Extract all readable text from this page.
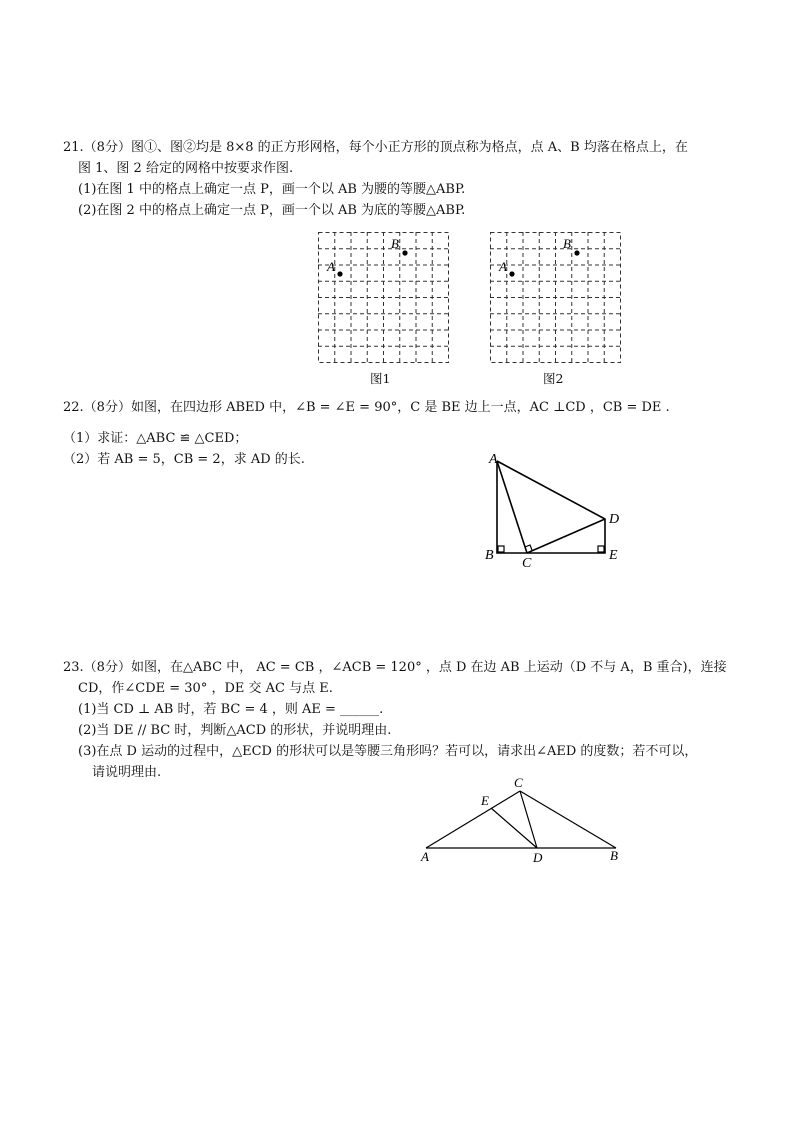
21.（8分）图①、图②均是 8×8 的正方形网格，每个小正方形的顶点称为格点，点 A、B 均落在格点上，在
图 1、图 2 给定的网格中按要求作图.
(1)在图 1 中的格点上确定一点 P，画一个以 AB 为腰的等腰△ABP.
(2)在图 2 中的格点上确定一点 P，画一个以 AB 为底的等腰△ABP.
A
B
图1
A
B
图2
22.（8分）如图，在四边形 ABED 中，∠B = ∠E = 90°，C 是 BE 边上一点，AC ⊥CD ，CB = DE .
（1）求证：△ABC ≌ △CED；
（2）若 AB = 5，CB = 2，求 AD 的长.	A
B
C
D
E
23.（8分）如图，在△ABC 中， AC = CB ，∠ACB = 120° ，点 D 在边 AB 上运动（D 不与 A，B 重合)，连接
CD，作∠CDE = 30° ，DE 交 AC 与点 E.
(1)当 CD ⊥ AB 时，若 BC = 4 ，则 AE = ______.
(2)当 DE // BC 时，判断△ACD 的形状，并说明理由.
(3)在点 D 运动的过程中，△ECD 的形状可以是等腰三角形吗？若可以，请求出∠AED 的度数；若不可以，
请说明理由.
A	B
C
D
E
